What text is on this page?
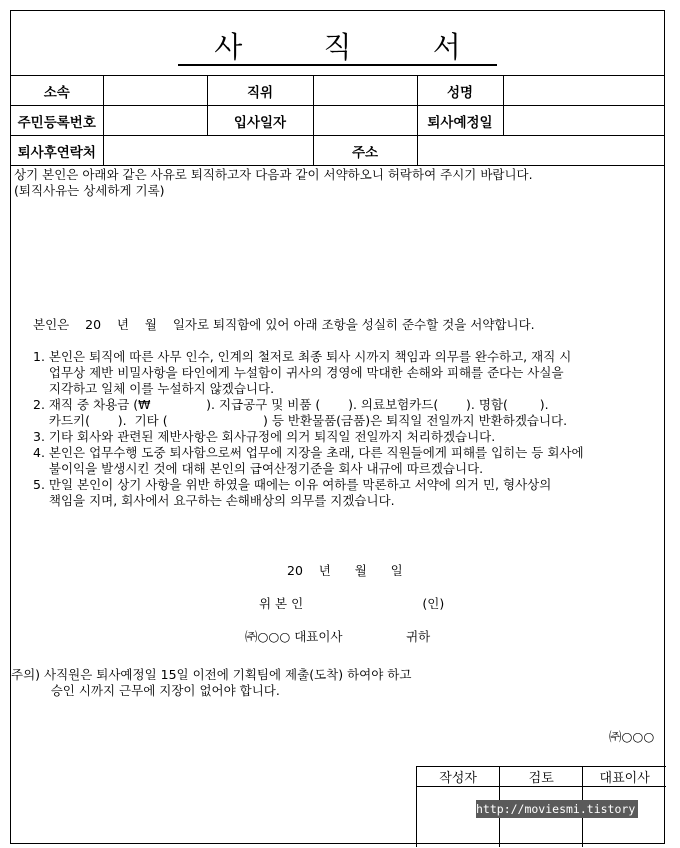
사 직 서
소속		직위		성명	
주민등록번호		입사일자		퇴사예정일	
퇴사후연락처			주소		
상기 본인은 아래와 같은 사유로 퇴직하고자 다음과 같이 서약하오니 허락하여 주시기 바랍니다.
(퇴직사유는 상세하게 기록)
본인은    20    년    월    일자로 퇴직함에 있어 아래 조항을 성실히 준수할 것을 서약합니다.
1. 본인은 퇴직에 따른 사무 인수, 인계의 철저로 최종 퇴사 시까지 책임과 의무를 완수하고, 재직 시
업무상 제반 비밀사항을 타인에게 누설함이 귀사의 경영에 막대한 손해와 피해를 준다는 사실을
지각하고 일체 이를 누설하지 않겠습니다.
2. 재직 중 차용금 (₩              ). 지급공구 및 비품 (       ). 의료보험카드(       ). 명함(        ).
카드키(       ).  기타 (                        ) 등 반환물품(금품)은 퇴직일 전일까지 반환하겠습니다.
3. 기타 회사와 관련된 제반사항은 회사규정에 의거 퇴직일 전일까지 처리하겠습니다.
4. 본인은 업무수행 도중 퇴사함으로써 업무에 지장을 초래, 다른 직원들에게 피해를 입히는 등 회사에
불이익을 발생시킨 것에 대해 본인의 급여산정기준을 회사 내규에 따르겠습니다.
5. 만일 본인이 상기 사항을 위반 하였을 때에는 이유 여하를 막론하고 서약에 의거 민, 형사상의
책임을 지며, 회사에서 요구하는 손해배상의 의무를 지겠습니다.
20    년      월      일
위 본 인                              (인)
㈜○○○ 대표이사                귀하
주의) 사직원은 퇴사예정일 15일 이전에 기획팀에 제출(도착) 하여야 하고
승인 시까지 근무에 지장이 없어야 합니다.
㈜○○○
작성자	검토	대표이사

http://moviesmi.tistory.com
